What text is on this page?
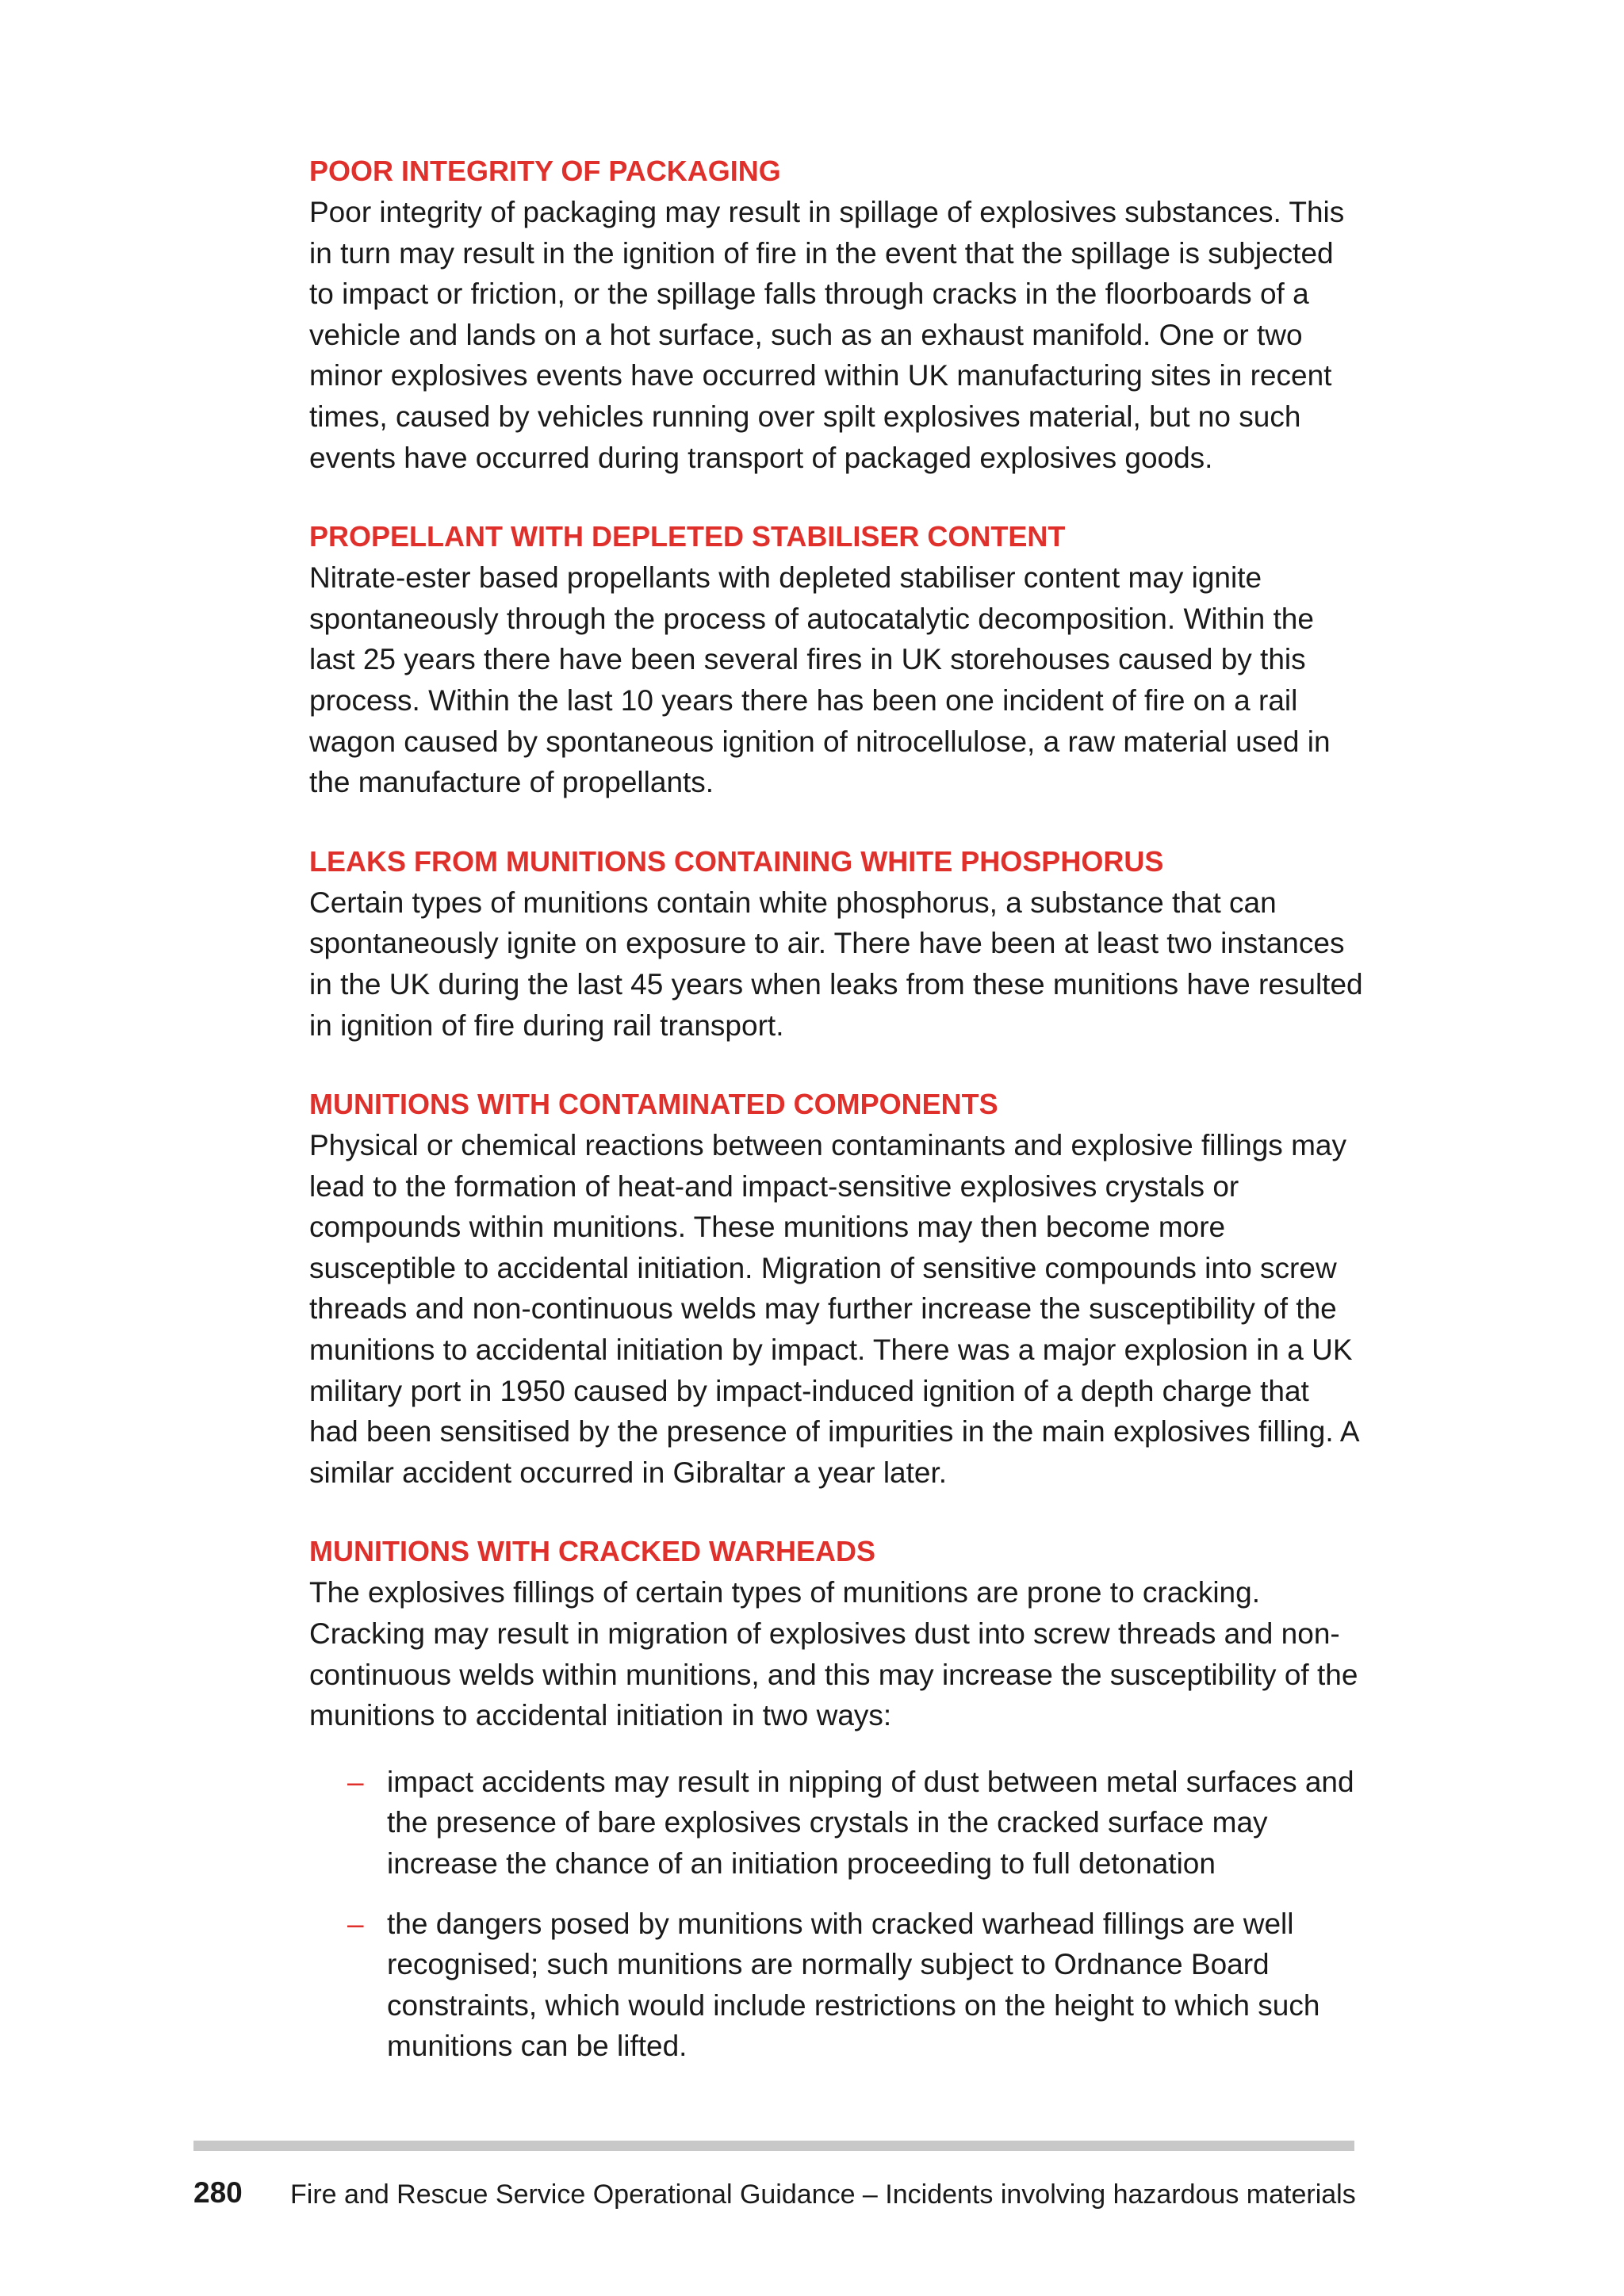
POOR INTEGRITY OF PACKAGING

Poor integrity of packaging may result in spillage of explosives substances. This in turn may result in the ignition of fire in the event that the spillage is subjected to impact or friction, or the spillage falls through cracks in the floorboards of a vehicle and lands on a hot surface, such as an exhaust manifold. One or two minor explosives events have occurred within UK manufacturing sites in recent times, caused by vehicles running over spilt explosives material, but no such events have occurred during transport of packaged explosives goods.

PROPELLANT WITH DEPLETED STABILISER CONTENT

Nitrate-ester based propellants with depleted stabiliser content may ignite spontaneously through the process of autocatalytic decomposition. Within the last 25 years there have been several fires in UK storehouses caused by this process. Within the last 10 years there has been one incident of fire on a rail wagon caused by spontaneous ignition of nitrocellulose, a raw material used in the manufacture of propellants.

LEAKS FROM MUNITIONS CONTAINING WHITE PHOSPHORUS

Certain types of munitions contain white phosphorus, a substance that can spontaneously ignite on exposure to air. There have been at least two instances in the UK during the last 45 years when leaks from these munitions have resulted in ignition of fire during rail transport.

MUNITIONS WITH CONTAMINATED COMPONENTS

Physical or chemical reactions between contaminants and explosive fillings may lead to the formation of heat-and impact-sensitive explosives crystals or compounds within munitions. These munitions may then become more susceptible to accidental initiation. Migration of sensitive compounds into screw threads and non-continuous welds may further increase the susceptibility of the munitions to accidental initiation by impact. There was a major explosion in a UK military port in 1950 caused by impact-induced ignition of a depth charge that had been sensitised by the presence of impurities in the main explosives filling. A similar accident occurred in Gibraltar a year later.

MUNITIONS WITH CRACKED WARHEADS

The explosives fillings of certain types of munitions are prone to cracking. Cracking may result in migration of explosives dust into screw threads and non-continuous welds within munitions, and this may increase the susceptibility of the munitions to accidental initiation in two ways:

– impact accidents may result in nipping of dust between metal surfaces and the presence of bare explosives crystals in the cracked surface may increase the chance of an initiation proceeding to full detonation
– the dangers posed by munitions with cracked warhead fillings are well recognised; such munitions are normally subject to Ordnance Board constraints, which would include restrictions on the height to which such munitions can be lifted.
280 Fire and Rescue Service Operational Guidance – Incidents involving hazardous materials
